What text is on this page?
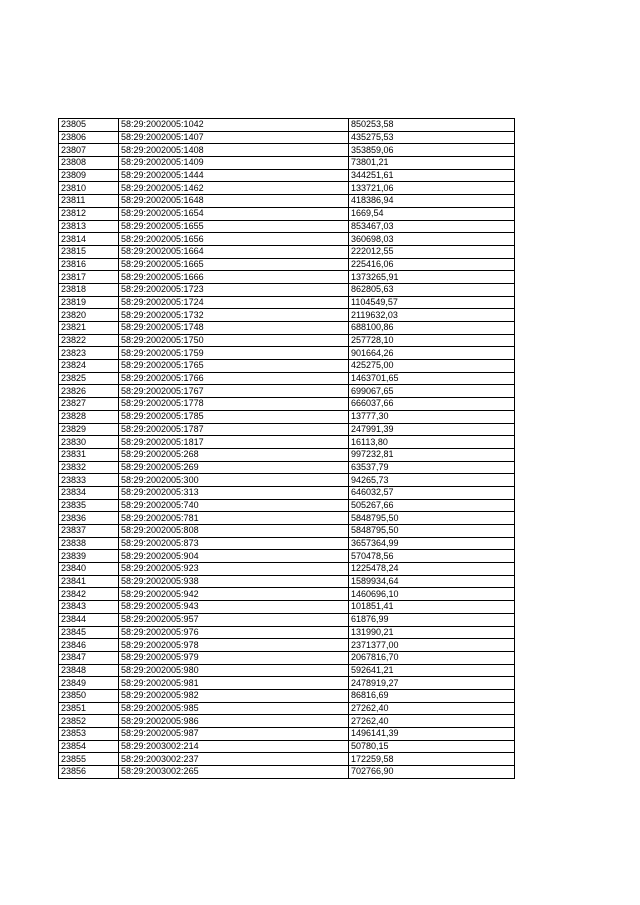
23805	58:29:2002005:1042	850253,58
23806	58:29:2002005:1407	435275,53
23807	58:29:2002005:1408	353859,06
23808	58:29:2002005:1409	73801,21
23809	58:29:2002005:1444	344251,61
23810	58:29:2002005:1462	133721,06
23811	58:29:2002005:1648	418386,94
23812	58:29:2002005:1654	1669,54
23813	58:29:2002005:1655	853467,03
23814	58:29:2002005:1656	360698,03
23815	58:29:2002005:1664	222012,55
23816	58:29:2002005:1665	225416,06
23817	58:29:2002005:1666	1373265,91
23818	58:29:2002005:1723	862805,63
23819	58:29:2002005:1724	1104549,57
23820	58:29:2002005:1732	2119632,03
23821	58:29:2002005:1748	688100,86
23822	58:29:2002005:1750	257728,10
23823	58:29:2002005:1759	901664,26
23824	58:29:2002005:1765	425275,00
23825	58:29:2002005:1766	1463701,65
23826	58:29:2002005:1767	699067,65
23827	58:29:2002005:1778	666037,66
23828	58:29:2002005:1785	13777,30
23829	58:29:2002005:1787	247991,39
23830	58:29:2002005:1817	16113,80
23831	58:29:2002005:268	997232,81
23832	58:29:2002005:269	63537,79
23833	58:29:2002005:300	94265,73
23834	58:29:2002005:313	646032,57
23835	58:29:2002005:740	505267,66
23836	58:29:2002005:781	5848795,50
23837	58:29:2002005:808	5848795,50
23838	58:29:2002005:873	3657364,99
23839	58:29:2002005:904	570478,56
23840	58:29:2002005:923	1225478,24
23841	58:29:2002005:938	1589934,64
23842	58:29:2002005:942	1460696,10
23843	58:29:2002005:943	101851,41
23844	58:29:2002005:957	61876,99
23845	58:29:2002005:976	131990,21
23846	58:29:2002005:978	2371377,00
23847	58:29:2002005:979	2067816,70
23848	58:29:2002005:980	592641,21
23849	58:29:2002005:981	2478919,27
23850	58:29:2002005:982	86816,69
23851	58:29:2002005:985	27262,40
23852	58:29:2002005:986	27262,40
23853	58:29:2002005:987	1496141,39
23854	58:29:2003002:214	50780,15
23855	58:29:2003002:237	172259,58
23856	58:29:2003002:265	702766,90
